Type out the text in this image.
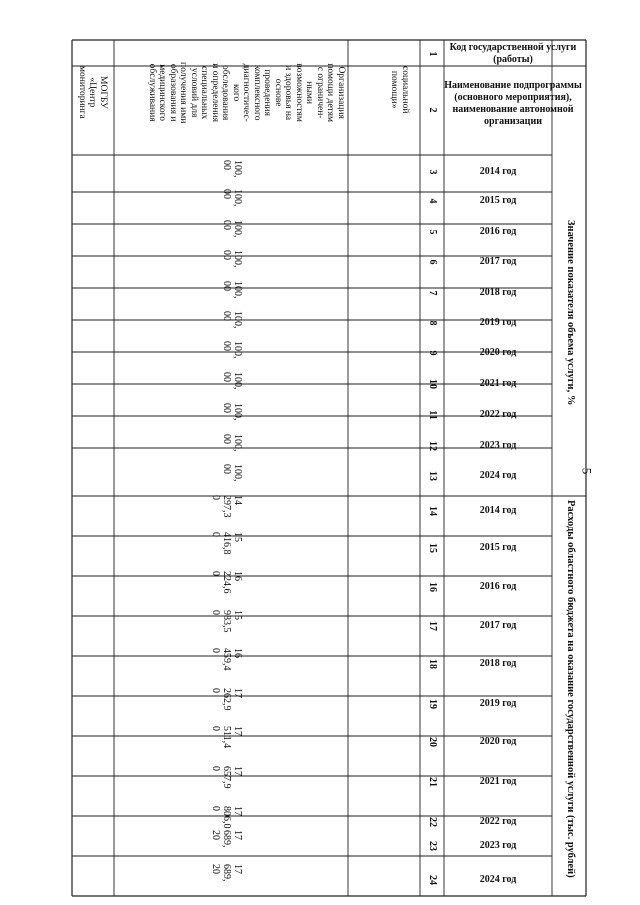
5
Код государственной услуги (работы)
Наименование подпрограммы (основного мероприятия), наименование автономной организации
Значение показателя объема услуги, %
Расходы областного бюджета на оказание государственной услуги (тыс. рублей)
2014 год
2015 год
2016 год
2017 год
2018 год
2019 год
2020 год
2021 год
2022 год
2023 год
2024 год
2014 год
2015 год
2016 год
2017 год
2018 год
2019 год
2020 год
2021 год
2022 год
2023 год
2024 год
1
2
3
4
5
6
7
8
9
10
11
12
13
14
15
16
17
18
19
20
21
22
23
24
социальной
помощи»
Организация
помощи детям
с ограничен-
ными
возможностям
и здоровья на
основе
проведения
комплексного
диагностичес-
кого
обследования
и определения
специальных
условий для
получения ими
образования и
медицинского
обслуживания
МОГБУ
«Центр
мониторинга
100,
00
100,
00
100,
00
100,
00
100,
00
100,
00
100,
00
100,
00
100,
00
100,
00
100,
00
14
297,3
0
15
416,8
0
16
224,6
0
15
983,5
0
16
459,4
0
17
262,9
0
17
511,4
0
17
657,9
0
17
806,0
0
17
689,
20
17
689,
20
